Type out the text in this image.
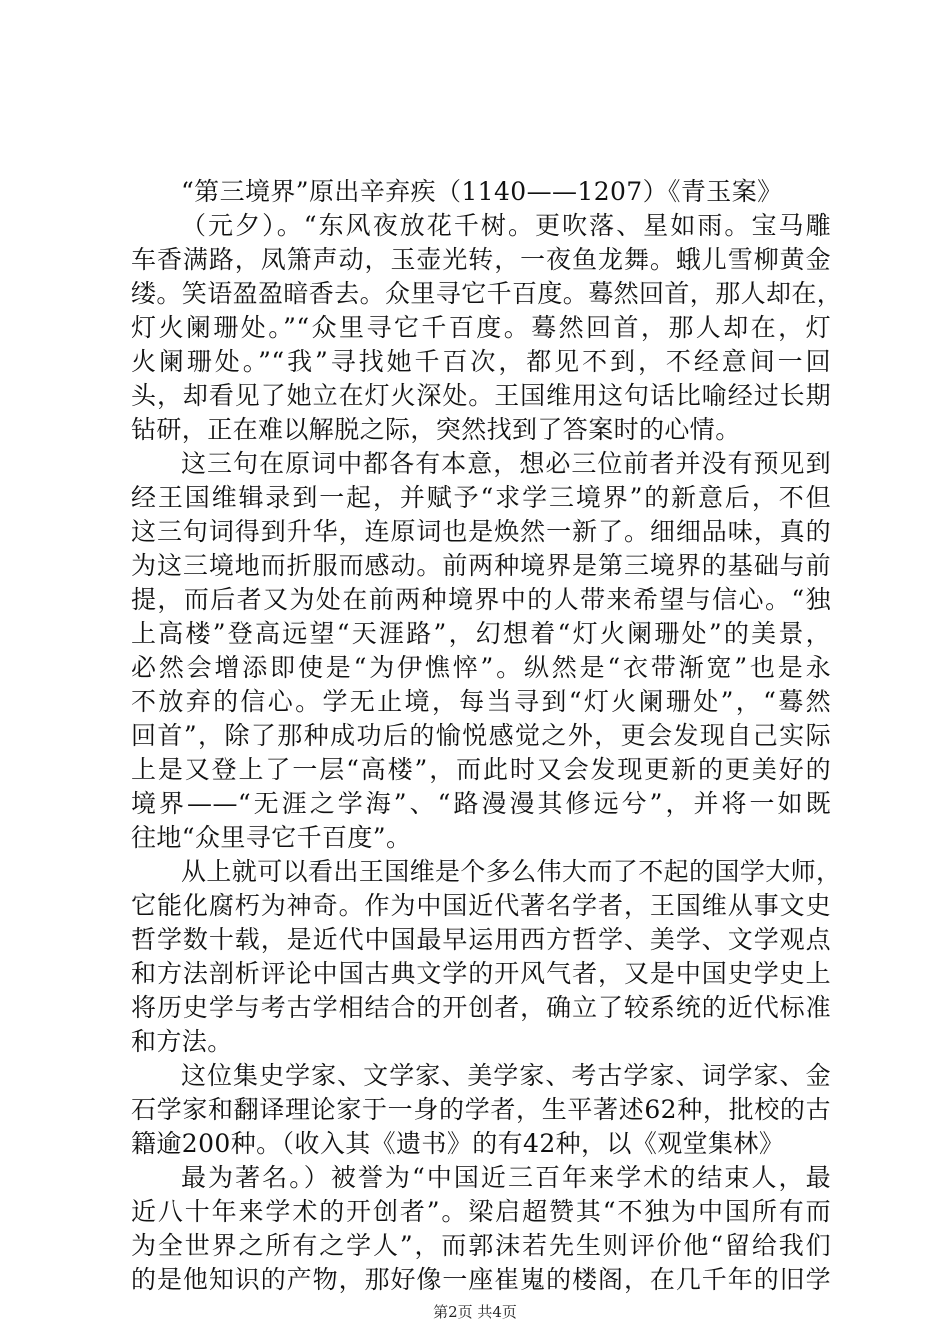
“第三境界”原出辛弃疾（1140——1207）《青玉案》
（元夕）。“东风夜放花千树。更吹落、星如雨。宝马雕
车香满路，凤箫声动，玉壶光转，一夜鱼龙舞。蛾儿雪柳黄金
缕。笑语盈盈暗香去。众里寻它千百度。蓦然回首，那人却在，
灯火阑珊处。”“众里寻它千百度。蓦然回首，那人却在，灯
火阑珊处。”“我”寻找她千百次，都见不到，不经意间一回
头，却看见了她立在灯火深处。王国维用这句话比喻经过长期
钻研，正在难以解脱之际，突然找到了答案时的心情。
这三句在原词中都各有本意，想必三位前者并没有预见到
经王国维辑录到一起，并赋予“求学三境界”的新意后，不但
这三句词得到升华，连原词也是焕然一新了。细细品味，真的
为这三境地而折服而感动。前两种境界是第三境界的基础与前
提，而后者又为处在前两种境界中的人带来希望与信心。“独
上高楼”登高远望“天涯路”，幻想着“灯火阑珊处”的美景，
必然会增添即使是“为伊憔悴”。纵然是“衣带渐宽”也是永
不放弃的信心。学无止境，每当寻到“灯火阑珊处”，“蓦然
回首”，除了那种成功后的愉悦感觉之外，更会发现自己实际
上是又登上了一层“高楼”，而此时又会发现更新的更美好的
境界——“无涯之学海”、“路漫漫其修远兮”，并将一如既
往地“众里寻它千百度”。
从上就可以看出王国维是个多么伟大而了不起的国学大师，
它能化腐朽为神奇。作为中国近代著名学者，王国维从事文史
哲学数十载，是近代中国最早运用西方哲学、美学、文学观点
和方法剖析评论中国古典文学的开风气者，又是中国史学史上
将历史学与考古学相结合的开创者，确立了较系统的近代标准
和方法。
这位集史学家、文学家、美学家、考古学家、词学家、金
石学家和翻译理论家于一身的学者，生平著述62种，批校的古
籍逾200种。（收入其《遗书》的有42种，以《观堂集林》
最为著名。）被誉为“中国近三百年来学术的结束人，最
近八十年来学术的开创者”。梁启超赞其“不独为中国所有而
为全世界之所有之学人”，而郭沫若先生则评价他“留给我们
的是他知识的产物，那好像一座崔嵬的楼阁，在几千年的旧学
第2页 共4页
